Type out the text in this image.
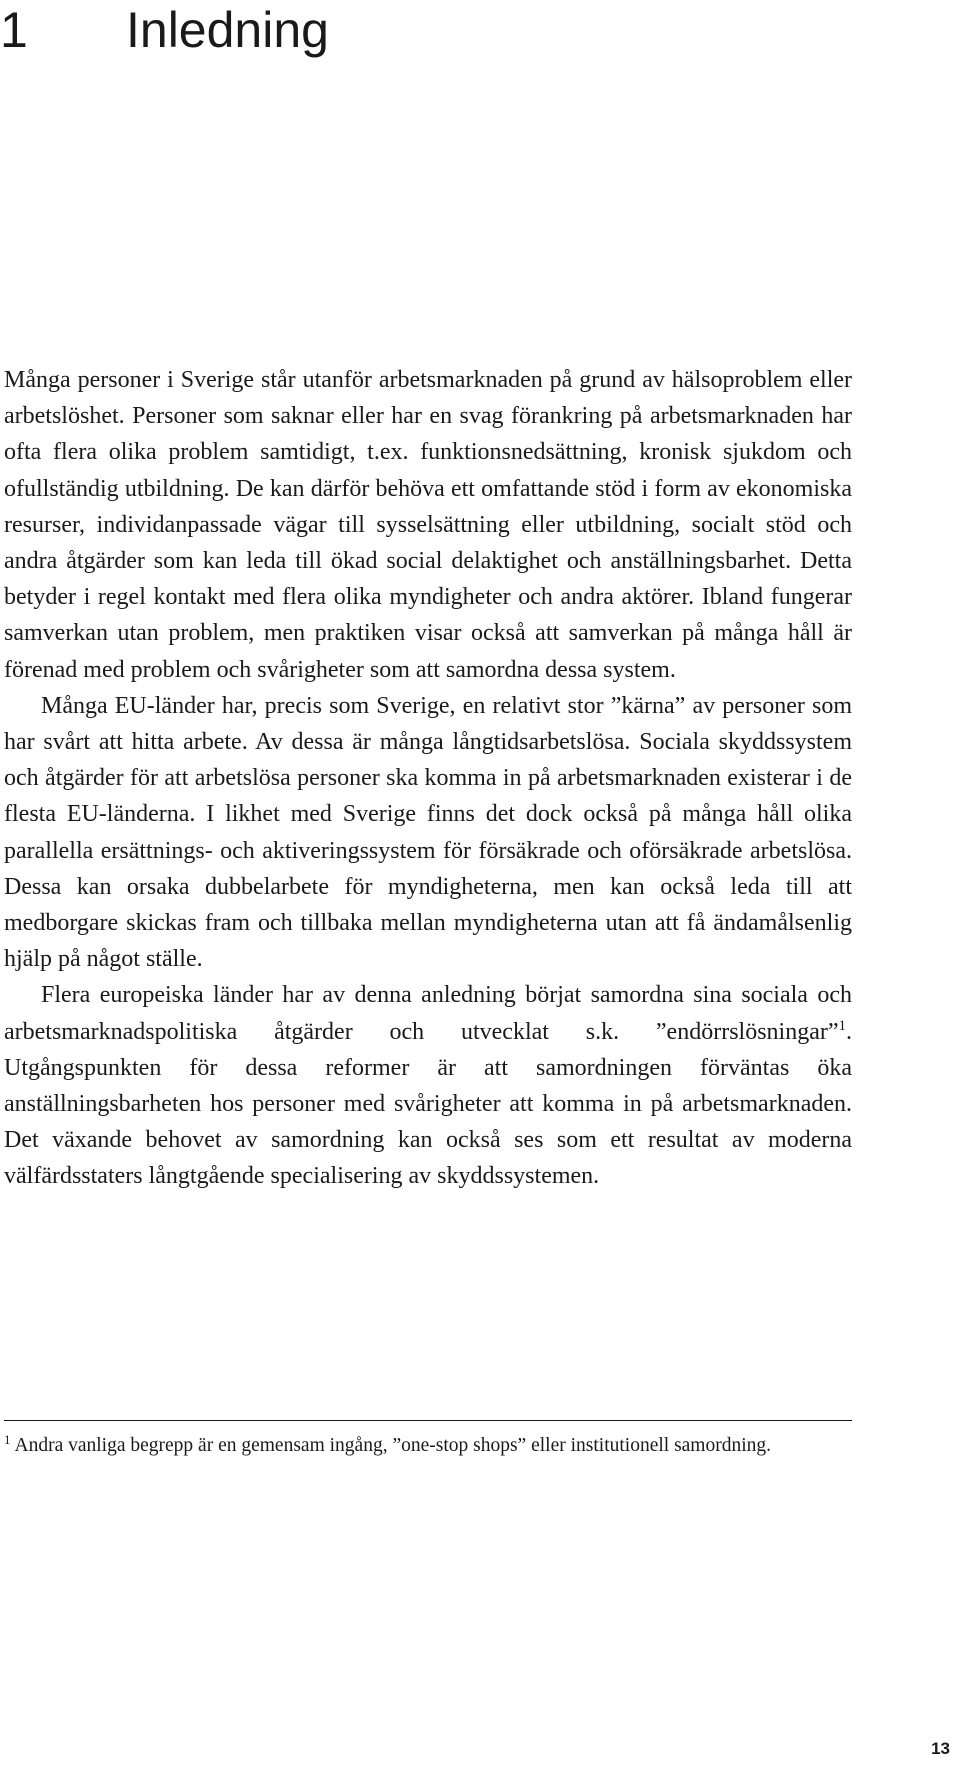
1 Inledning

Många personer i Sverige står utanför arbetsmarknaden på grund av hälsoproblem eller arbetslöshet. Personer som saknar eller har en svag förankring på arbetsmarknaden har ofta flera olika problem samtidigt, t.ex. funktionsnedsättning, kronisk sjukdom och ofullständig utbildning. De kan därför behöva ett omfattande stöd i form av ekonomiska resurser, individanpassade vägar till sysselsättning eller utbildning, socialt stöd och andra åtgärder som kan leda till ökad social delaktighet och anställningsbarhet. Detta betyder i regel kontakt med flera olika myndigheter och andra aktörer. Ibland fungerar samverkan utan problem, men praktiken visar också att samverkan på många håll är förenad med problem och svårigheter som att samordna dessa system.

Många EU-länder har, precis som Sverige, en relativt stor ”kärna” av personer som har svårt att hitta arbete. Av dessa är många långtidsarbetslösa. Sociala skyddssystem och åtgärder för att arbetslösa personer ska komma in på arbetsmarknaden existerar i de flesta EU-länderna. I likhet med Sverige finns det dock också på många håll olika parallella ersättnings- och aktiveringssystem för försäkrade och oförsäkrade arbetslösa. Dessa kan orsaka dubbelarbete för myndigheterna, men kan också leda till att medborgare skickas fram och tillbaka mellan myndigheterna utan att få ändamålsenlig hjälp på något ställe.

Flera europeiska länder har av denna anledning börjat samordna sina sociala och arbetsmarknadspolitiska åtgärder och utvecklat s.k. ”endörrslösningar”$^1$. Utgångspunkten för dessa reformer är att samordningen förväntas öka anställningsbarheten hos personer med svårigheter att komma in på arbetsmarknaden. Det växande behovet av samordning kan också ses som ett resultat av moderna välfärdsstaters långtgående specialisering av skyddssystemen.

$^1$ Andra vanliga begrepp är en gemensam ingång, ”one-stop shops” eller institutionell samordning.
13
